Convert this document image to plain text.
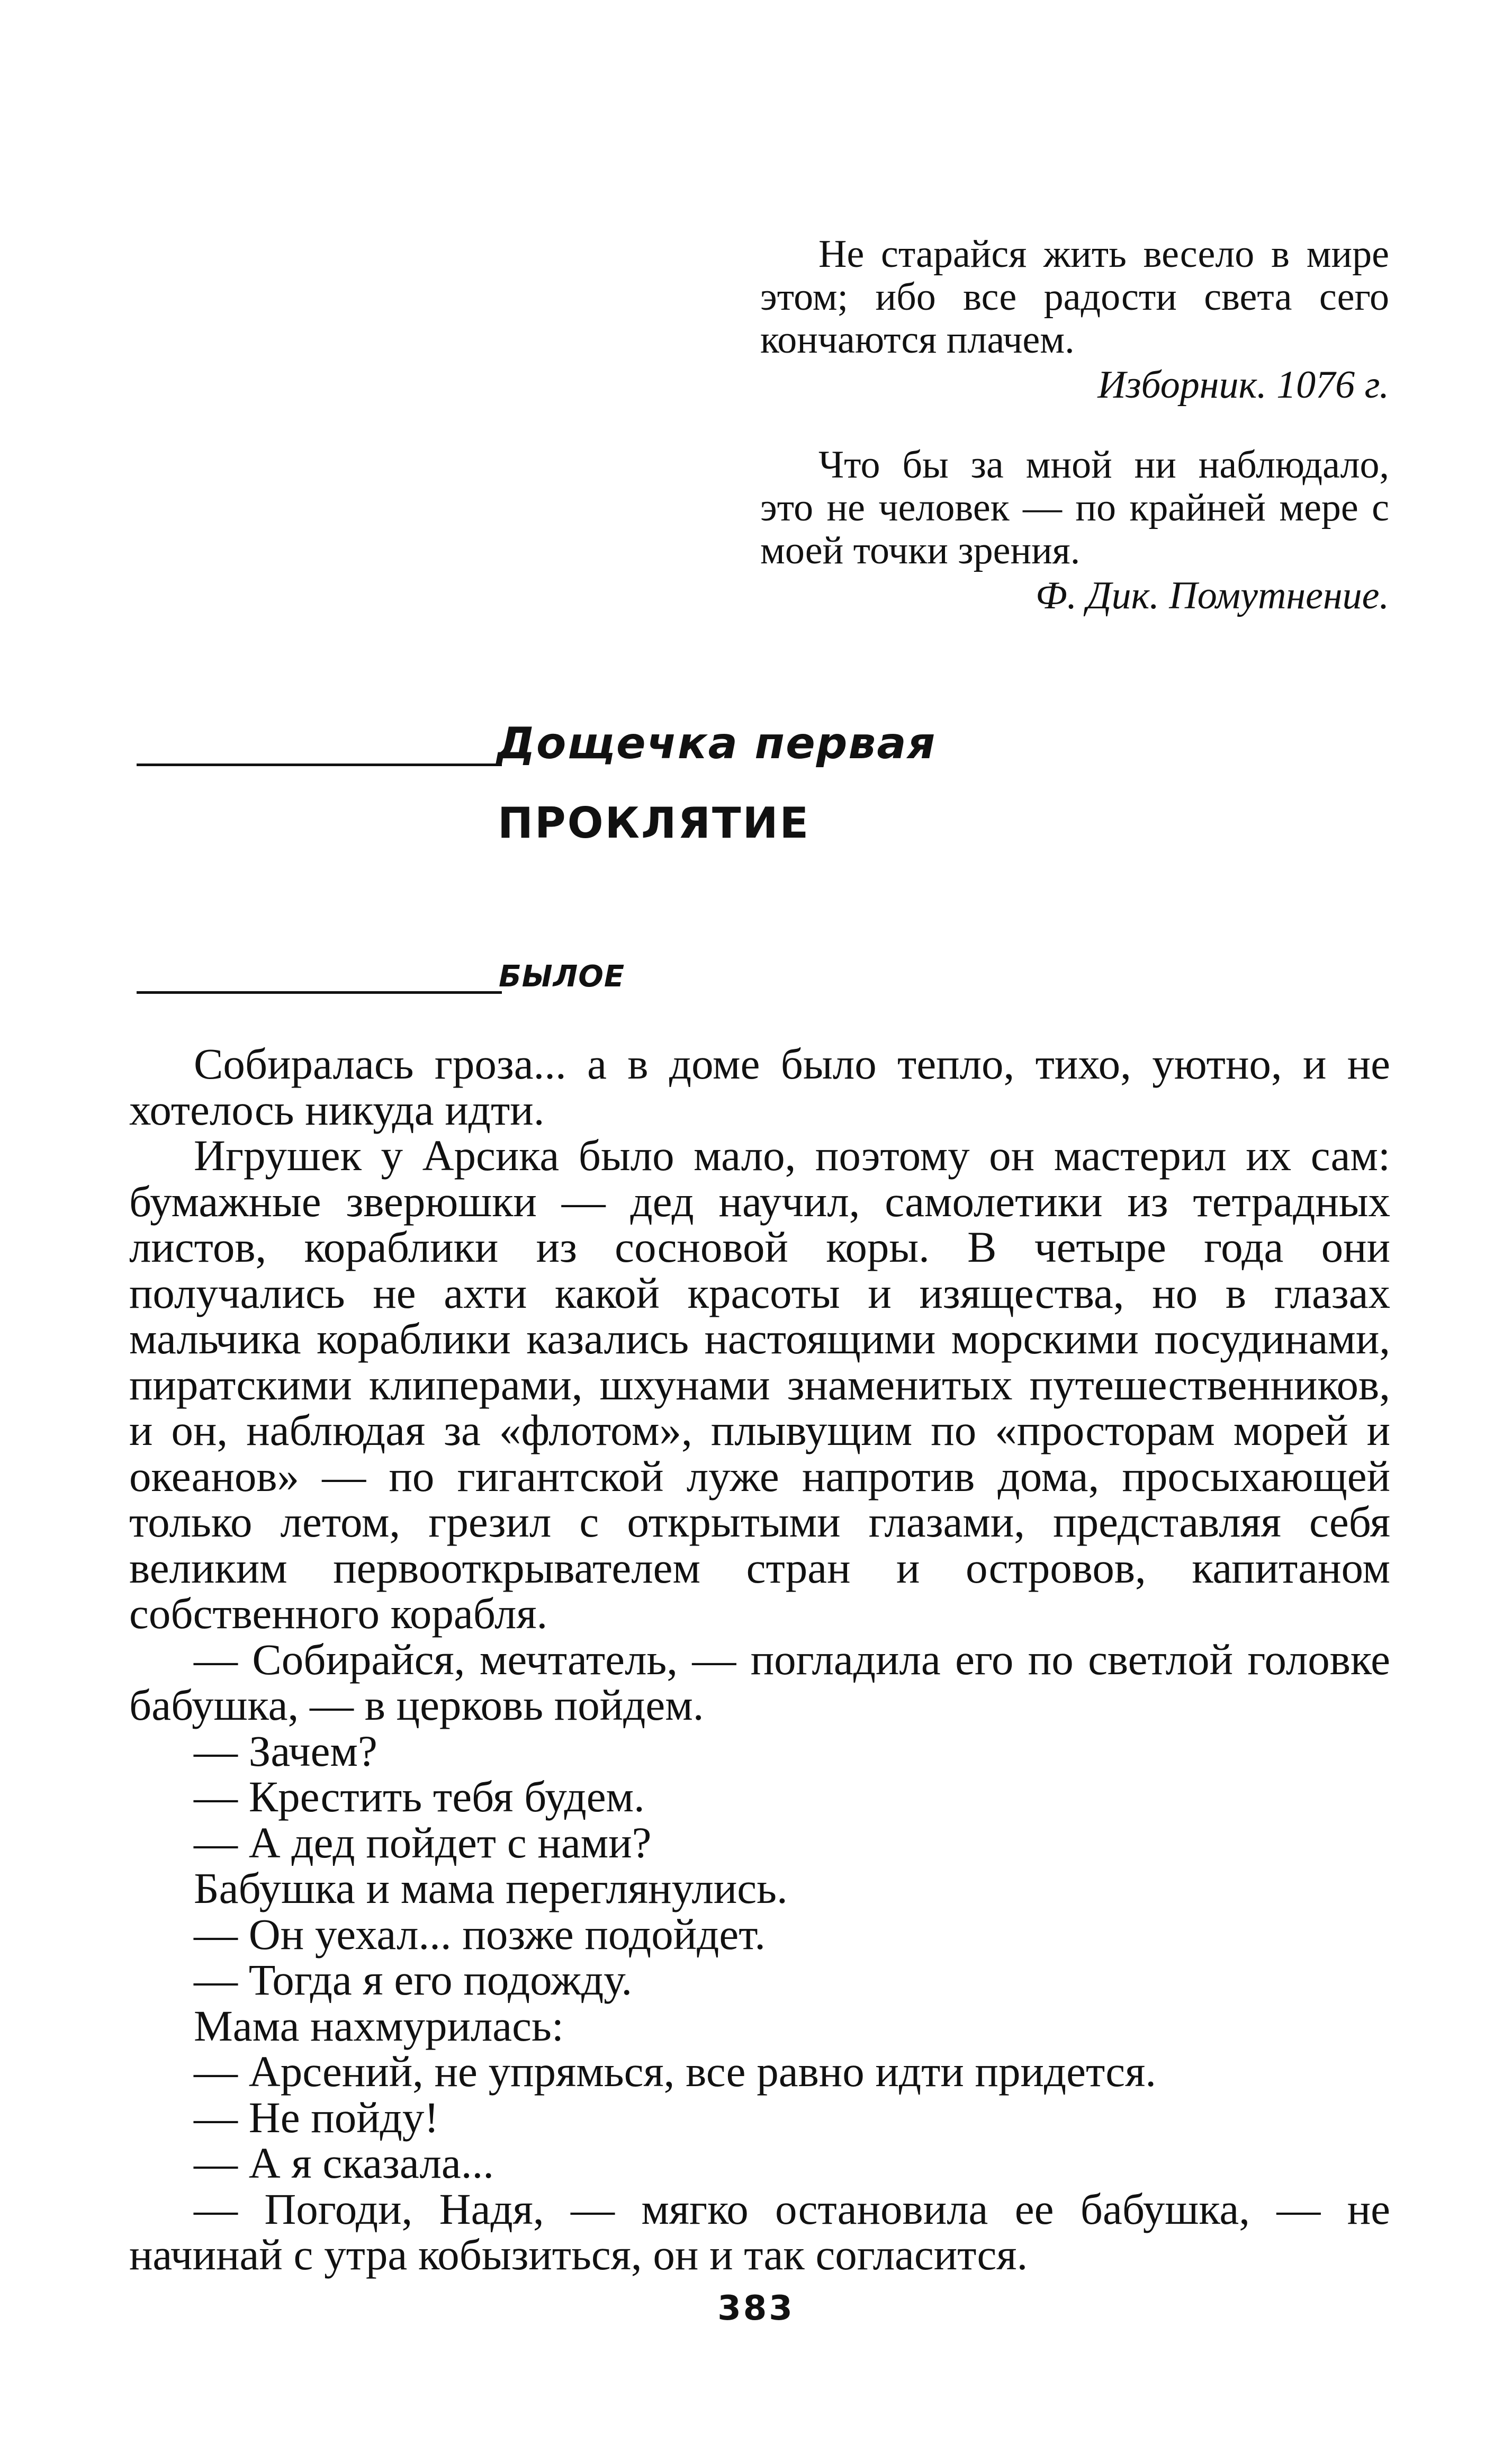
Не старайся жить весело в мире этом; ибо все радости света сего кончаются плачем.

Изборник. 1076 г.

Что бы за мной ни наблюдало, это не человек — по крайней мере с моей точки зрения.

Ф. Дик. Помутнение.

Дощечка первая
ПРОКЛЯТИЕ
БЫЛОЕ

Собиралась гроза... а в доме было тепло, тихо, уютно, и не хотелось никуда идти.

Игрушек у Арсика было мало, поэтому он мастерил их сам: бумажные зверюшки — дед научил, самолетики из тетрадных листов, кораблики из сосновой коры. В четыре года они получались не ахти какой красоты и изящества, но в глазах мальчика кораблики казались настоящими морскими посудинами, пиратскими клиперами, шхунами знаменитых путешественников, и он, наблюдая за «флотом», плывущим по «просторам морей и океанов» — по гигантской луже напротив дома, просыхающей только летом, грезил с открытыми глазами, представляя себя великим первооткрывателем стран и островов, капитаном собственного корабля.

— Собирайся, мечтатель, — погладила его по светлой головке бабушка, — в церковь пойдем.

— Зачем?

— Крестить тебя будем.

— А дед пойдет с нами?

Бабушка и мама переглянулись.

— Он уехал... позже подойдет.

— Тогда я его подожду.

Мама нахмурилась:

— Арсений, не упрямься, все равно идти придется.

— Не пойду!

— А я сказала...

— Погоди, Надя, — мягко остановила ее бабушка, — не начинай с утра кобызиться, он и так согласится.

383
